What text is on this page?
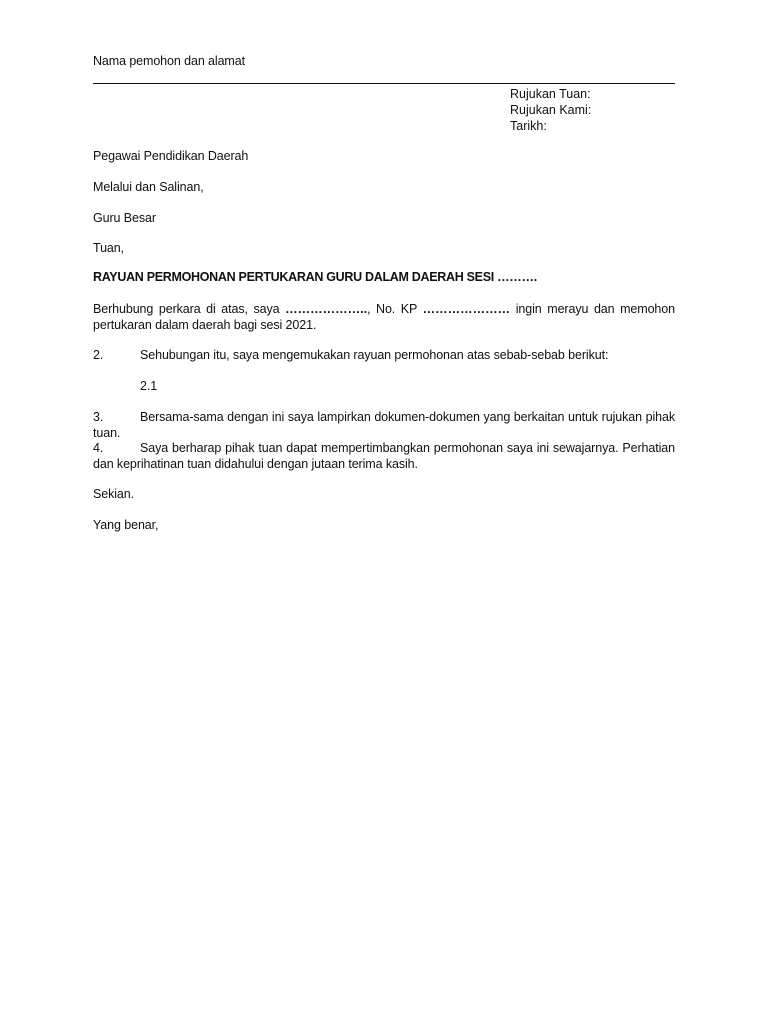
Nama pemohon dan alamat
Rujukan Tuan:
Rujukan Kami:
Tarikh:
Pegawai Pendidikan Daerah
Melalui dan Salinan,
Guru Besar
Tuan,
RAYUAN PERMOHONAN PERTUKARAN GURU DALAM DAERAH SESI ……….
Berhubung perkara di atas, saya ……………….., No. KP ………………… ingin merayu dan memohon pertukaran dalam daerah bagi sesi 2021.
2.	Sehubungan itu, saya mengemukakan rayuan permohonan atas sebab-sebab berikut:
2.1
3.	Bersama-sama dengan ini saya lampirkan dokumen-dokumen yang berkaitan untuk rujukan pihak tuan.
4.	Saya berharap pihak tuan dapat mempertimbangkan permohonan saya ini sewajarnya. Perhatian dan keprihatinan tuan didahului dengan jutaan terima kasih.
Sekian.
Yang benar,
